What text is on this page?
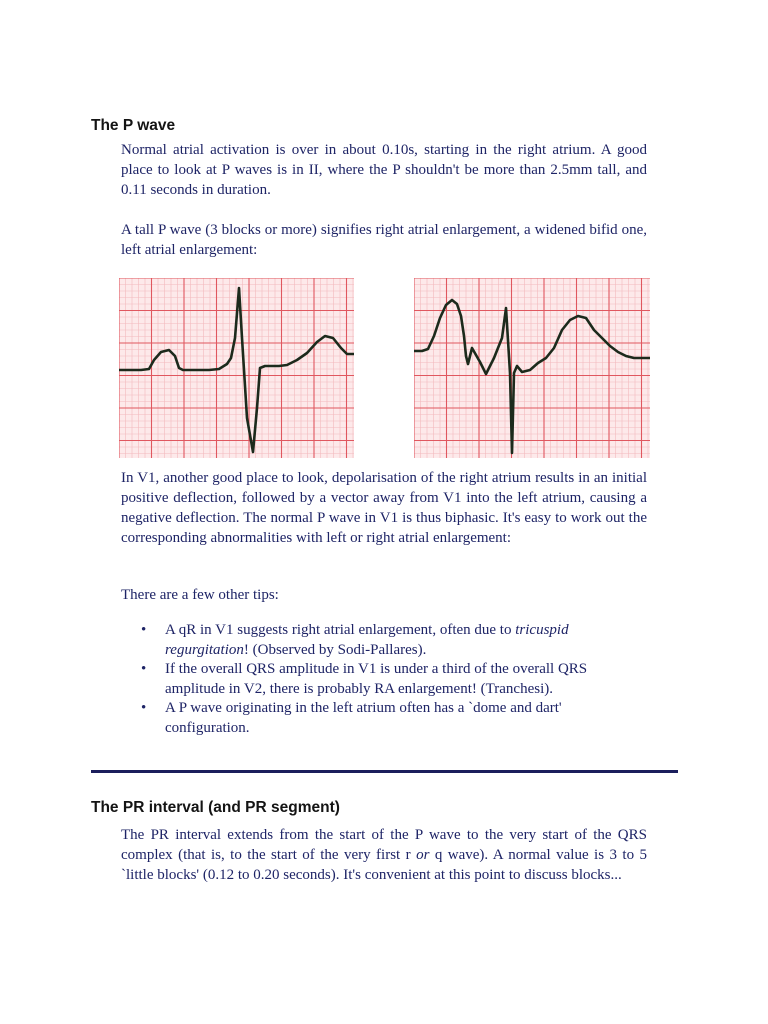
The P wave

Normal atrial activation is over in about 0.10s, starting in the right atrium. A good place to look at P waves is in II, where the P shouldn't be more than 2.5mm tall, and 0.11 seconds in duration.

A tall P wave (3 blocks or more) signifies right atrial enlargement, a widened bifid one, left atrial enlargement:

In V1, another good place to look, depolarisation of the right atrium results in an initial positive deflection, followed by a vector away from V1 into the left atrium, causing a negative deflection. The normal P wave in V1 is thus biphasic. It's easy to work out the corresponding abnormalities with left or right atrial enlargement:

There are a few other tips:

• A qR in V1 suggests right atrial enlargement, often due to tricuspid regurgitation! (Observed by Sodi-Pallares).
• If the overall QRS amplitude in V1 is under a third of the overall QRS amplitude in V2, there is probably RA enlargement! (Tranchesi).
• A P wave originating in the left atrium often has a `dome and dart' configuration.
The PR interval (and PR segment)

The PR interval extends from the start of the P wave to the very start of the QRS complex (that is, to the start of the very first r or q wave). A normal value is 3 to 5 `little blocks' (0.12 to 0.20 seconds). It's convenient at this point to discuss blocks...
